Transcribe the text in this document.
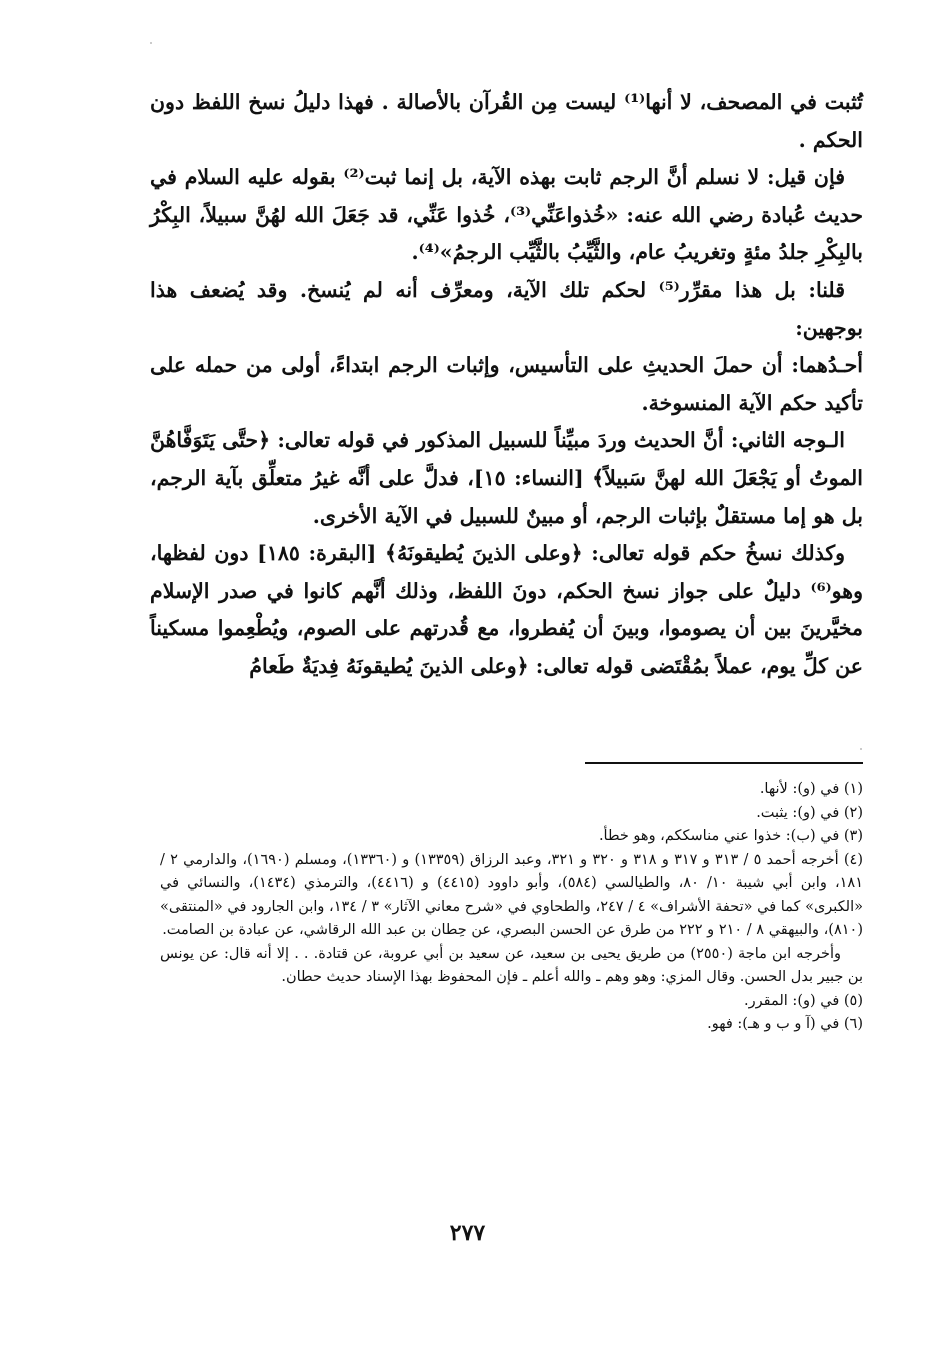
تُثبت في المصحف، لا أنها⁽¹⁾ ليست مِن القُرآن بالأصالة . فهذا دليلُ نسخ اللفظ دون الحكم .

فإن قيل: لا نسلم أنَّ الرجم ثابت بهذه الآية، بل إنما ثبت⁽²⁾ بقوله عليه السلام في حديث عُبادة رضي الله عنه: «خُذواعَنِّي⁽³⁾، خُذوا عَنِّي، قد جَعَلَ الله لهُنَّ سبيلاً، البِكْرُ بالبِكْرِ جلدُ مئةٍ وتغريبُ عام، والثَّيِّبُ بالثَّيِّب الرجمُ»⁽⁴⁾.

قلنا: بل هذا مقرِّر⁽⁵⁾ لحكم تلك الآية، ومعرِّف أنه لم يُنسخ. وقد يُضعف هذا بوجهين:

أحـدُهما: أن حملَ الحديثِ على التأسيس، وإثبات الرجم ابتداءً، أولى من حمله على تأكيد حكم الآية المنسوخة.

الـوجه الثاني: أنَّ الحديث وردَ مبيِّناً للسبيل المذكور في قوله تعالى: ﴿حتَّى يَتَوَفَّاهُنَّ الموتُ أو يَجْعَلَ الله لهنَّ سَبيلاً﴾ [النساء: ١٥]، فدلَّ على أنَّه غيرُ متعلِّق بآية الرجم، بل هو إما مستقلٌ بإثبات الرجم، أو مبينٌ للسبيل في الآية الأخرى.

وكذلك نسخُ حكم قوله تعالى: ﴿وعلى الذينَ يُطيقونَهُ﴾ [البقرة: ١٨٥] دون لفظها، وهو⁽⁶⁾ دليلٌ على جواز نسخ الحكم، دونَ اللفظ، وذلك أنَّهم كانوا في صدر الإسلام مخيَّرينَ بين أن يصوموا، وبينَ أن يُفطروا، مع قُدرتهم على الصوم، ويُطْعِموا مسكيناً عن كلِّ يوم، عملاً بمُقْتَضى قوله تعالى: ﴿وعلى الذينَ يُطيقونَهُ فِديَةٌ طَعامُ

(١) في (و): لأنها.

(٢) في (و): يثبت.

(٣) في (ب): خذوا عني مناسككم، وهو خطأ.

(٤) أخرجه أحمد ٥ / ٣١٣ و ٣١٧ و ٣١٨ و ٣٢٠ و ٣٢١، وعبد الرزاق (١٣٣٥٩) و (١٣٣٦٠)، ومسلم (١٦٩٠)، والدارمي ٢ / ١٨١، وابن أبي شيبة ١٠/ ٨٠، والطيالسي (٥٨٤)، وأبو داوود (٤٤١٥) و (٤٤١٦)، والترمذي (١٤٣٤)، والنسائي في «الكبرى» كما في «تحفة الأشراف» ٤ / ٢٤٧، والطحاوي في «شرح معاني الآثار» ٣ / ١٣٤، وابن الجارود في «المنتقى» (٨١٠)، والبيهقي ٨ / ٢١٠ و ٢٢٢ من طرق عن الحسن البصري، عن حِطان بن عبد الله الرقاشي، عن عبادة بن الصامت.

وأخرجه ابن ماجة (٢٥٥٠) من طريق يحيى بن سعيد، عن سعيد بن أبي عروبة، عن قتادة. . . إلا أنه قال: عن يونس بن جبير بدل الحسن. وقال المزي: وهو وهم ـ والله أعلم ـ فإن المحفوظ بهذا الإسناد حديث حطان.

(٥) في (و): المقرر.

(٦) في (آ و ب و هـ): فهو.

٢٧٧
